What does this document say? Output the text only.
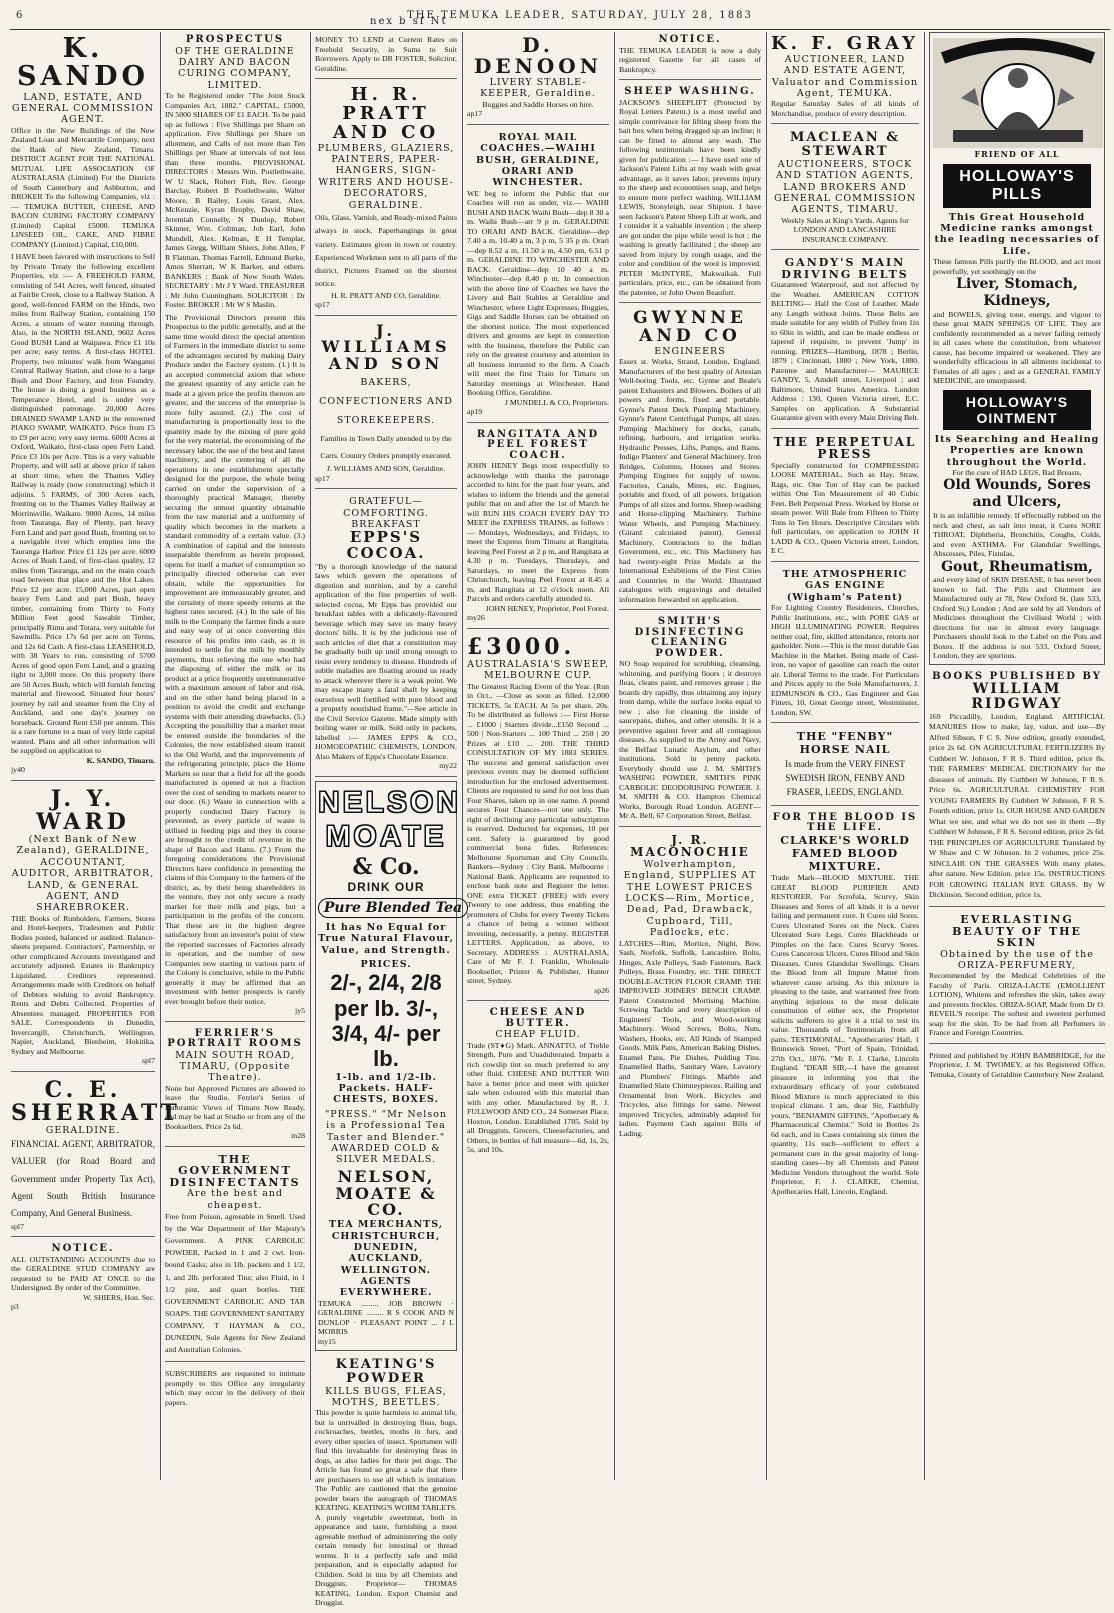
6
nex b sf Nt
THE TEMUKA LEADER, SATURDAY, JULY 28, 1883
K. SANDO
LAND, ESTATE, AND GENERAL COMMISSION AGENT.
Office in the New Buildings of the New Zealand Loan and Mercantile Company, next the Bank of New Zealand, Timaru. DISTRICT AGENT FOR THE NATIONAL MUTUAL LIFE ASSOCIATION OF AUSTRALASIA (Limited) For the Districts of South Canterbury and Ashburton, and BROKER To the following Companies, viz :— TEMUKA BUTTER, CHEESE, AND BACON CURING FACTORY COMPANY (Limited) Capital £5000. TEMUKA LINSEED OIL, CAKE, AND FIBRE COMPANY (Limited.) Capital, £10,000.
I HAVE been favored with instructions to Sell by Private Treaty the following excellent Properties, viz :— A FREEHOLD FARM, consisting of 541 Acres, well fenced, situated at Fairlie Creek, close to a Railway Station. A good, well-fenced FARM on the Hinds, two miles from Railway Station, containing 150 Acres, a stream of water running through. Also, in the NORTH ISLAND, 9602 Acres Good BUSH Land at Waipawa. Price £1 10s per acre; easy terms. A first-class HOTEL Property, two minutes' walk from Wanganui Central Railway Station, and close to a large Bush and Door Factory, and Iron Foundry. The house is doing a good business as a Temperance Hotel, and is under very distinguished patronage. 20,000 Acres DRAINED SWAMP LAND in the renowned PIAKO SWAMP, WAIKATO. Price from £5 to £9 per acre; very easy terms. 6000 Acres at Oxford, Waikato, first-class open Fern Land. Price £3 10s per Acre. This is a very valuable Property, and will sell at above price if taken at short time, when the Thames Valley Railway is ready (now constructing) which it adjoins. 5 FARMS, of 300 Acres each, fronting on to the Thames Valley Railway at Morrinsville, Waikato. 9000 Acres, 14 miles from Tauranga, Bay of Plenty, part heavy Fern Land and part good Bush, fronting on to a navigable river which empties into the Tauranga Harbor. Price £1 12s per acre. 6000 Acres of Bush Land, of first-class quality, 12 miles from Tauranga, and on the main coach road between that place and the Hot Lakes. Price £2 per acre. 15,000 Acres, part open heavy Fern Land and part Bush, heavy timber, containing from Thirty to Forty Million Feet good Sawable Timber, principally Rimu and Totara, very suitable for Sawmills. Price 17s 6d per acre on Terms, and 12s 6d Cash. A first-class LEASEHOLD, with 38 Years to run, consisting of 5700 Acres of good open Fern Land, and a grazing right to 3,000 more. On this property there are 50 Acres Bush, which will furnish fencing material and firewood. Situated four hours' journey by rail and steamer from the City of Auckland, and one day's journey on horseback. Ground Rent £50 per annum. This is a rare fortune to a man of very little capital wanted. Plans and all other information will be supplied on application to
K. SANDO, Timaru.
jy40
J. Y. WARD
(Next Bank of New Zealand), GERALDINE, ACCOUNTANT, AUDITOR, ARBITRATOR, LAND, & GENERAL AGENT, AND SHAREBROKER.
THE Books of Runholders, Farmers, Stores and Hotel-keepers, Tradesmen and Public Bodies posted, balanced or audited. Balance-sheets prepared. Contractors', Partnership, or other complicated Accounts investigated and accurately adjusted. Estates in Bankruptcy Liquidated. Creditors represented. Arrangements made with Creditors on behalf of Debtors wishing to avoid Bankruptcy. Rents and Debts Collected. Properties of Absentees managed. PROPERTIES FOR SALE. Correspondents in Dunedin, Invercargill, Christchurch, Wellington, Napier, Auckland, Blenheim, Hokitika, Sydney and Melbourne.
spl7
C. E. SHERRATT
GERALDINE.
FINANCIAL AGENT, ARBITRATOR, VALUER (for Road Board and Government under Property Tax Act), Agent South British Insurance Company, And General Business.
spl7
NOTICE.
ALL OUTSTANDING ACCOUNTS due to the GERALDINE STUD COMPANY are requested to be PAID AT ONCE to the Undersigned. By order of the Committee.
W. SHIERS, Hon. Sec.
p3
PROSPECTUS
OF THE GERALDINE DAIRY AND BACON CURING COMPANY, LIMITED.
To be Registered under "The Joint Stock Companies Act, 1882." CAPITAL, £5000, IN 5000 SHARES OF £1 EACH. To be paid up as follows : Five Shillings per Share on application. Five Shillings per Share on allotment, and Calls of not more than Ten Shillings per Share at intervals of not less than three months. PROVISIONAL DIRECTORS : Messrs Wm. Postlethwaite, W U Slack, Robert Fish, Rev. George Barclay, Robert B Postlethwaite, Walter Moore, B Bailey, Louis Grant, Alex. McKenzie, Kyran Bropby, David Shaw, Jeremiah Connelly, N Dunlop, Robert Skinner, Wm. Coltman, Job Earl, John Mundell, Alex. Kelman, E H Templar, James Gregg, William Shiers, John Allen, F R Flatman, Thomas Farrell, Edmund Burke, Amos Sherratt, W K Barker, and others. BANKERS : Bank of New South Wales. SECRETARY : Mr J Y Ward. TREASURER : Mr John Cunningham. SOLICITOR : Dr Foster. BROKER : Mr W S Maslin.
The Provisional Directors present this Prospectus to the public generally, and at the same time would direct the special attention of Farmers in the immediate district to some of the advantages secured by making Dairy Produce under the Factory system. (1.) It is an accepted commercial axiom that where the greatest quantity of any article can be made at a given price the profits thereon are greater, and the success of the enterprise is more fully assured. (2.) The cost of manufacturing is proportionally less to the quantity made by the mixing of pure gold for the very material, the economising of the necessary labor, the use of the best and latest machinery, and the centering of all the operations in one establishment specially designed for the purpose, the whole being carried on under the supervision of a thoroughly practical Manager, thereby securing the utmost quantity obtainable from the raw material and a uniformity of quality which becomes in the markets a standard commodity of a certain value. (3.) A combination of capital and the interests inseparable therefrom as herein proposed, opens for itself a market of consumption so principally directed otherwise can ever obtain, while the opportunities for improvement are immeasurably greater, and the certainty of more speedy returns at the highest rates secured. (4.) In the sale of his milk to the Company the farmer finds a sure and easy way of at once converting this resource of his profits into cash, as it is intended to settle for the milk by monthly payments, thus relieving the one who had the disposing of either the milk or its product at a price frequently unremunerative with a maximum amount of labor and risk, and on the other hand being placed in a position to avoid the credit and exchange systems with their attending drawbacks. (5.) Accepting the possibility that a market must be entered outside the boundaries of the Colonies, the now established steam transit to the Old World, and the improvements of the refrigerating principle, place the Home Markets so near that a field for all the goods manufactured is opened at not a fraction over the cost of sending to markets nearer to our door. (6.) Waste in connection with a properly conducted Dairy Factory is prevented, as every particle of waste is utilised in feeding pigs and they in course are brought to the credit of revenue in the shape of Bacon and Hams. (7.) From the foregoing considerations the Provisional Directors have confidence in presenting the claims of this Company to the farmers of the district, as, by their being shareholders in the venture, they not only secure a ready market for their milk and pigs, but a participation in the profits of the concern. That these are in the highest degree satisfactory from an investor's point of view the reported successes of Factories already in operation, and the number of new Companies now starting in various parts of the Colony is conclusive, while to the Public generally it may be affirmed that an investment with better prospects is rarely ever brought before their notice.
jy5
FERRIER'S PORTRAIT ROOMS
MAIN SOUTH ROAD, TIMARU, (Opposite Theatre).
None but Approved Pictures are allowed to leave the Studio. Ferrier's Series of Panoramic Views of Timaru Now Ready, and may be had at Studio or from any of the Booksellers. Price 2s 6d.
m28
THE GOVERNMENT DISINFECTANTS
Are the best and cheapest.
Free from Poison, agreeable in Smell. Used by the War Department of Her Majesty's Government. A PINK CARBOLIC POWDER, Packed in 1 and 2 cwt. Iron-bound Casks; also in 1lb. packets and 1 1/2, 1, and 2lb. perforated Tins; also Fluid, in 1 1/2 pint, and quart bottles. THE GOVERNMENT CARBOLIC AND TAR SOAPS. THE GOVERNMENT SANITARY COMPANY, T HAYMAN & CO., DUNEDIN, Sole Agents for New Zealand and Australian Colonies.
SUBSCRIBERS are requested to intimate promptly to this Office any irregularity which may occur in the delivery of their papers.
MONEY TO LEND at Current Rates on Freehold Security, in Sums to Suit Borrowers. Apply to DR FOSTER, Solicitor, Geraldine.
H. R. PRATT AND CO
PLUMBERS, GLAZIERS, PAINTERS, PAPER-HANGERS, SIGN-WRITERS AND HOUSE-DECORATORS, GERALDINE.
Oils, Glass, Varnish, and Ready-mixed Paints always in stock. Paperhangings in great variety. Estimates given in town or country. Experienced Workmen sent to all parts of the district. Pictures Framed on the shortest notice.
H. R. PRATT AND CO, Geraldine.
sp17
J. WILLIAMS AND SON
BAKERS, CONFECTIONERS AND STOREKEEPERS.
Families in Town Daily attended to by the Carts. Country Orders promptly executed.
J. WILLIAMS AND SON, Geraldine.
sp17
GRATEFUL—COMFORTING. BREAKFAST
EPPS'S COCOA.
"By a thorough knowledge of the natural laws which govern the operations of digestion and nutrition, and by a careful application of the fine properties of well-selected cocoa, Mr Epps has provided our breakfast tables with a delicately-flavoured beverage which may save us many heavy doctors' bills. It is by the judicious use of such articles of diet that a constitution may be gradually built up until strong enough to resist every tendency to disease. Hundreds of subtle maladies are floating around us ready to attack wherever there is a weak point. We may escape many a fatal shaft by keeping ourselves well fortified with pure blood and a properly nourished frame."—See article in the Civil Service Gazette. Made simply with boiling water or milk. Sold only in packets, labelled :— JAMES EPPS & CO., HOMOEOPATHIC CHEMISTS, LONDON. Also Makers of Epps's Chocolate Essence.
my22
NELSON MOATE
& Co.
DRINK OUR
Pure Blended Tea
It has No Equal for True Natural Flavour, Value, and Strength.
PRICES.
2/-, 2/4, 2/8 per lb. 3/-, 3/4, 4/- per lb.
1-lb. and 1/2-lb. Packets. HALF-CHESTS, BOXES.
"PRESS." "Mr Nelson is a Professional Tea Taster and Blender." AWARDED COLD & SILVER MEDALS.
NELSON, MOATE & CO.
TEA MERCHANTS, CHRISTCHURCH, DUNEDIN, AUCKLAND, WELLINGTON. AGENTS EVERYWHERE.
TEMUKA ......... JOB BROWN · GERALDINE ......... R S COOK AND N DUNLOP · PLEASANT POINT ... J L MORRIS
my15
KEATING'S POWDER
KILLS BUGS, FLEAS, MOTHS, BEETLES.
This powder is quite harmless to animal life, but is unrivalled in destroying fleas, bugs, cockroaches, beetles, moths in furs, and every other species of insect. Sportsmen will find this invaluable for destroying fleas in dogs, as also ladies for their pet dogs. The Article has found so great a sale that there are purchasers to use all which is imitation. The Public are cautioned that the genuine powder bears the autograph of THOMAS KEATING. KEATING'S WORM TABLETS. A purely vegetable sweetmeat, both in appearance and taste, furnishing a most agreeable method of administering the only certain remedy for intestinal or thread worms. It is a perfectly safe and mild preparation, and is especially adapted for Children. Sold in tins by all Chemists and Druggists. Proprietor— THOMAS KEATING, London. Export Chemist and Druggist.
D. DENOON
LIVERY STABLE-KEEPER, Geraldine.
Buggies and Saddle Horses on hire.
ap17
ROYAL MAIL COACHES.—WAIHI BUSH, GERALDINE, ORARI AND WINCHESTER.
WE beg to inform the Public that our Coaches will run as under, viz.— WAIHI BUSH AND BACK Waihi Bush—dep 8 30 a m. Waihi Bush—arr 9 p m. GERALDINE TO ORARI AND BACK. Geraldine—dep 7.40 a m, 10.40 a m, 3 p m, 5 35 p m. Orari—dep 8.52 a m, 11.50 a m, 4.50 pm, 6.51 p m. GERALDINE TO WINCHESTER AND BACK. Geraldine—dep 10 40 a m. Winchester—dep 8.40 p m. In connection with the above line of Coaches we have the Livery and Bait Stables at Geraldine and Winchester, where Light Expresses, Buggies, Gigs and Saddle Horses can be obtained on the shortest notice. The most experienced drivers and grooms are kept in connection with the business, therefore the Public can rely on the greatest courtesy and attention in all business intrusted to the firm. A Coach will meet the first Train for Timaru on Saturday mornings at Winchester. Hand Booking Office, Geraldine.
J MUNDELL & CO, Proprietors.
ap19
RANGITATA AND PEEL FOREST COACH.
JOHN HENEY Begs most respectfully to acknowledge with thanks the patronage accorded to him for the past four years, and wishes to inform the friends and the general public that on and after the 1st of March he will RUN HIS COACH EVERY DAY TO MEET the EXPRESS TRAINS, as follows :— Mondays, Wednesdays, and Fridays, to meet the Express from Timaru at Rangitata, leaving Peel Forest at 2 p m, and Rangitata at 4.30 p m. Tuesdays, Thursdays, and Saturdays, to meet the Express from Christchurch, leaving Peel Forest at 8.45 a m, and Rangitata at 12 o'clock noon. All Parcels and orders carefully attended to.
JOHN HENEY, Proprietor, Peel Forest.
my26
£3000.
AUSTRALASIA'S SWEEP. MELBOURNE CUP.
The Greatest Racing Event of the Year. (Run in Oct., —Close as soon as filled. 12,000 TICKETS, 5s EACH. At 5s per share, 20s. To be distributed as follows :— First Horse ... £1000 | Starters divide...£150 Second ... 500 | Non-Starters ... 100 Third ... 250 | 20 Prizes at £10 ... 200. THE THIRD CONSULTATION OF MY 1883 SERIES. The success and general satisfaction over previous events may be deemed sufficient introduction for the enclosed advertisement. Clients are requested to send for not less than Four Shares, taken up in one name. A pound secures Four Chances—not one only. The right of declining any particular subscription is reserved. Deducted for expenses, 10 per cent. Safety is guaranteed by good commercial bona fides. References: Melbourne Sportsman and City Councils. Bankers—Sydney : City Bank. Melbourne : National Bank. Applicants are requested to enclose bank note and Register the letter. ONE extra TICKET (FREE) with every Twenty to one address, thus enabling the promoters of Clubs for every Twenty Tickets a chance of being a winner without investing, necessarily, a penny. REGISTER LETTERS. Application, as above, to Secretary. ADDRESS : AUSTRALASIA, Care of Mr F. J. Franklin, Wholesale Bookseller, Printer & Publisher, Hunter street, Sydney.
sp26
CHEESE AND BUTTER.
CHEAP FLUID.
Trade (ST♦G) Mark. ANNATTO, of Treble Strength, Pure and Unadulterated. Imparts a rich cowslip tint so much preferred to any other fluid. CHEESE AND BUTTER Will have a better price and meet with quicker sale when coloured with this material than with any other. Manufactured by R. J. FULLWOOD AND CO., 24 Somerset Place, Hoxton, London. Established 1785. Sold by all Druggists, Grocers, Cheesefactories, and Others, in bottles of full measure—6d, 1s, 2s, 5s, and 10s.
NOTICE.
THE TEMUKA LEADER is now a duly registered Gazette for all cases of Bankruptcy.
SHEEP WASHING.
JACKSON'S SHEEPLIFT (Protected by Royal Letters Patent.) is a most useful and simple contrivance for lifting sheep from the bait box when being dragged up an incline; it can be fitted to almost any wash. The following testimonials have been kindly given for publication :— I have used one of Jackson's Patent Lifts at my wash with great advantage, as it saves labor, prevents injury to the sheep and economises soap, and helps to ensure more perfect washing. WILLIAM LEWIS, Stonyleigh, near Shipton. I have seen Jackson's Patent Sheep Lift at work, and I consider it a valuable invention ; the sheep are got under the pipe while wool is hot ; the washing is greatly facilitated ; the sheep are saved from injury by rough usage, and the color and condition of the wool is improved. PETER McINTYRE, Makwaikak. Full particulars, price, etc., can be obtained from the patentee, or John Owen Beaufort.
GWYNNE AND CO
ENGINEERS
Essex st. Works, Strand, London, England. Manufacturers of the best quality of Artesian Well-boring Tools, etc. Gynne and Beale's patent Exhausters and Blowers. Boilers of all powers and forms, fixed and portable. Gynne's Patent Deck Pumping Machinery. Gynne's Patent Centrifugal Pumps, all sizes. Pumping Machinery for docks, canals, refining, harbours, and irrigation works. Hydraulic Presses, Lifts, Pumps, and Rams. Indigo Planters' and General Machinery. Iron Bridges, Columns, Houses and Stores. Pumping Engines for supply of towns. Factories, Canals, Mines, etc. Engines, portable and fixed, of all powers. Irrigation Pumps of all sizes and forms. Sheep-washing and Horse-clipping Machinery. Turbine Water Wheels, and Pumping Machinery. (Girard calcuiated patent). General Machinery. Contractors to the Indian Government, etc., etc. This Machinery has had twenty-eight Prize Medals at the International Exhibitions of the First Cities and Countries in the World. Illustrated catalogues with engravings and detailed information forwarded on application.
SMITH'S DISINFECTING CLEANING POWDER.
NO Soap required for scrubbing, cleansing, whitening, and purifying floors ; it destroys fleas, cleans paint, and removes grease ; the boards dry rapidly, thus obtaining any injury from damp, while the surface looks equal to new ; also for cleaning the inside of saucepans, dishes, and other utensils. It is a preventive against fever and all contagious diseases. As supplied to the Army and Navy, the Belfast Lunatic Asylum, and other institutions. Sold in penny packets. Everybody should use J. M. SMITH'S WASHING POWDER. SMITH'S PINK CARBOLIC DEODORISING POWDER. J. M. SMITH & CO. Hampton Chemical Works, Borough Road London. AGENT—Mr A. Bell, 67 Corporation Street, Belfast.
J. R. MACONOCHIE
Wolverhampton, England, SUPPLIES AT THE LOWEST PRICES LOCKS—Rim, Mortice, Dead, Pad, Drawback, Cupboard, Till, Padlocks, etc.
LATCHES—Rim, Mortice, Night, Bow, Sash, Norfolk, Suffolk, Lancashire. Bolts, Hinges, Axle Pulleys, Sash Fastenurs, Rack Pulleys, Brass Foundry, etc. THE DIRECT DOUBLE-ACTION FLOOR CRAMP. THE IMPROVED JOINERS' BENCH CRAMP. Patent Constructed Mortising Machine. Screwing Tackle and every description of Engineers' Tools, and Wood-working Machinery. Wood Screws, Bolts, Nuts, Washers, Hooks, etc. All Kinds of Stamped Goods. Milk Pans, American Baking Dishes, Enamel Pans, Pie Dishes, Pudding Tins. Enamelled Baths, Sanitary Ware, Lavatory and Plumbers' Fittings. Marble and Enamelled Slate Chimneypieces. Railing and Ornamental Iron Work. Bicycles and Tricycles, also fittings for same. Newest improved Tricycles, admirably adapted for ladies. Payment Cash against Bills of Lading.
K. F. GRAY
AUCTIONEER, LAND AND ESTATE AGENT, Valuator and Commission Agent, TEMUKA.
Regular Saturday Sales of all kinds of Merchandise, produce of every description.
MACLEAN & STEWART
AUCTIONEERS, STOCK AND STATION AGENTS, LAND BROKERS AND GENERAL COMMISSION AGENTS, TIMARU.
Weekly Sales at King's Yards. Agents for LONDON AND LANCASHIRE INSURANCE COMPANY.
GANDY'S MAIN DRIVING BELTS
Guaranteed Waterproof, and not affected by the Weather. AMERICAN COTTON BELTING— Half the Cost of Leather. Made any Length without Joints. These Belts are made suitable for any width of Pulley from 1in to 60in in width, and can be made endless or tapered if requisite, to prevent 'Jump' in running. PRIZES—Hamburg, 1878 ; Berlin, 1879 ; Cincinnati, 1880 ; New York, 1880. Patentee and Manufacturer— MAURICE GANDY, 5, Amdell street, Liverpool ; and Baltimore, United States America. London Address : 130, Queen Victoria street, E.C. Samples on application. A Substantial Guarantee given with every Main Driving Belt.
THE PERPETUAL PRESS
Specially constructed for COMPRESSING LOOSE MATERIAL, Such as Hay, Straw, Rags, etc. One Ton of Hay can be packed within One Ton Measurement of 40 Cubic Feet. Belt Perpetual Press. Worked by Horse or steam power. Will Bale from Fifteen to Thirty Tons in Ten Hours. Descriptive Circulars with full particulars, on application to JOHN H LADD & CO., Queen Victoria street, London, E C.
THE ATMOSPHERIC GAS ENGINE (Wigham's Patent)
For Lighting Country Residences, Churches, Public Institutions, etc., with PORE GAS or HIGH ILLUMINATING POWER. Requires neither coal, fire, skilled attendance, retorts nor gasholder. Note.—This is the most durable Gas Machine in the Market. Being made of Cast-iron, no vapor of gasoline can reach the outer air. Liberal Terms to the trade. For Particulars and Prices apply to the Sole Manufacturers, J. EDMUNSON & CO., Gas Engineer and Gas Fitters, 10, Great George street, Westminster, London, SW.
THE "FENBY" HORSE NAIL
Is made from the VERY FINEST SWEDISH IRON, FENBY AND FRASER, LEEDS, ENGLAND.
FOR THE BLOOD IS THE LIFE.
CLARKE'S WORLD FAMED BLOOD MIXTURE.
Trade Mark—BLOOD MIXTURE. THE GREAT BLOOD PURIFIER AND RESTORER. For Scrofula, Scurvy, Skin Diseases and Sores of all kinds it is a never failing and permanent cure. It Cures old Sores. Cures Ulcerated Sores on the Neck. Cures Ulcerated Sore Legs. Cures Blackheads or Pimples on the face. Cures Scurvy Sores. Cures Cancerous Ulcers. Cures Blood and Skin Diseases. Cures Glandular Swellings. Clears the Blood from all Impure Matter from whatever cause arising. As this mixture is pleasing to the taste, and warranted free from anything injurious to the most delicate constitution of either sex, the Proprietor solicits sufferers to give it a trial to test its value. Thousands of Testimonials from all parts. TESTIMONIAL. "Apothecaries' Hall, 1 Brunswick Street, "Port of Spain, Trinidad, 27th Oct., 1876. "Mr F. J. Clarke, Lincoln England. "DEAR SIR,—I have the greatest pleasure in informing you that the extraordinary efficacy of your celebrated Blood Mixture is much appreciated in this tropical climate. I am, dear Sir, Faithfully yours, "BENJAMIN GIFFINS, "Apothecary & Pharmaceutical Chemist." Sold in Bottles 2s 6d each, and in Cases containing six times the quantity, 11s each—sufficient to effect a permanent cure in the great majority of long-standing cases—by all Chemists and Patent Medicine Vendors throughout the world. Sole Proprietor, F. J. CLARKE, Chemist, Apothecaries Hall, Lincoln, England.
FRIEND OF ALL
HOLLOWAY'S PILLS
This Great Household Medicine ranks amongst the leading necessaries of Life.
These famous Pills purify the BLOOD, and act most powerfully, yet soothingly on the
Liver, Stomach, Kidneys,
and BOWELS, giving tone, energy, and vigour to these great MAIN SPRINGS OF LIFE. They are confidently recommended as a never failing remedy in all cases where the constitution, from whatever cause, has become impaired or weakened. They are wonderfully efficacious in all ailments incidental to Females of all ages ; and as a GENERAL FAMILY MEDICINE, are unsurpassed.
HOLLOWAY'S OINTMENT
Its Searching and Healing Properties are known throughout the World.
For the cure of BAD LEGS, Bad Breasts,
Old Wounds, Sores and Ulcers,
It is an infallible remedy. If effectually rubbed on the neck and chest, as salt into meat, it Cures SORE THROAT, Diphtheria, Bronchitis, Coughs, Colds, and even ASTHMA. For Glandular Swellings, Abscesses, Piles, Fistulas,
Gout, Rheumatism,
and every kind of SKIN DISEASE, it has never been known to fail. The Pills and Ointment are Manufactured only at 78, New Oxford St. (late 533, Oxford St.) London ; And are sold by all Vendors of Medicines throughout the Civilised World ; with directions for use in almost every language. Purchasers should look to the Label on the Pots and Boxes. If the address is not 533, Oxford Street, London, they are spurious.
BOOKS PUBLISHED BY
WILLIAM RIDGWAY
169 Piccadilly, London, England. ARTIFICIAL MANURES How to make, lay, value, and use—By Alfred Sibson, F C S. New edition, greatly extended, price 2s 6d. ON AGRICULTURAL FERTILIZERS By Cuthbert W. Johnson, F R S. Third edition, price 8s. THE FARMERS' MEDICAL DICTIONARY for the diseases of animals. By Cuthbert W Johnson, F R S. Price 6s. AGRICULTURAL CHEMISTRY FOR YOUNG FARMERS By Cuthbert W Johnson, F R S. Fourth edition, price 1s. OUR HOUSE AND GARDEN What we see, and what we do not see in them —By Cuthbert W Johnson, F R S. Second edition, price 2s 6d. THE PRINCIPLES OF AGRICULTURE Translated by W Shaw and C W Johnson. In 2 volumes, price 25s. SINCLAIR ON THE GRASSES With many plates, after nature. New Edition. price 15s. INSTRUCTIONS FOR GROWING ITALIAN RYE GRASS. By W Dickinson. Second edition, price 1s.
EVERLASTING BEAUTY OF THE SKIN
Obtained by the use of the ORIZA-PERFUMERY,
Recommended by the Medical Celebrities of the Faculty of Paris. ORIZA-LACTE (EMOLLIENT LOTION), Whitens and refreshes the skin, takes away and prevents freckles. ORIZA-SOAP, Made from Dr O. REVEIL'S receipe. The softest and sweetest perfumed soap for the skin. To be had from all Perfumers in France and Foreign Countries.
Printed and published by JOHN BAMBRIDGE, for the Proprietor, J. M. TWOMEY, at his Registered Office, Temuka, County of Geraldine Canterbury New Zealand.
